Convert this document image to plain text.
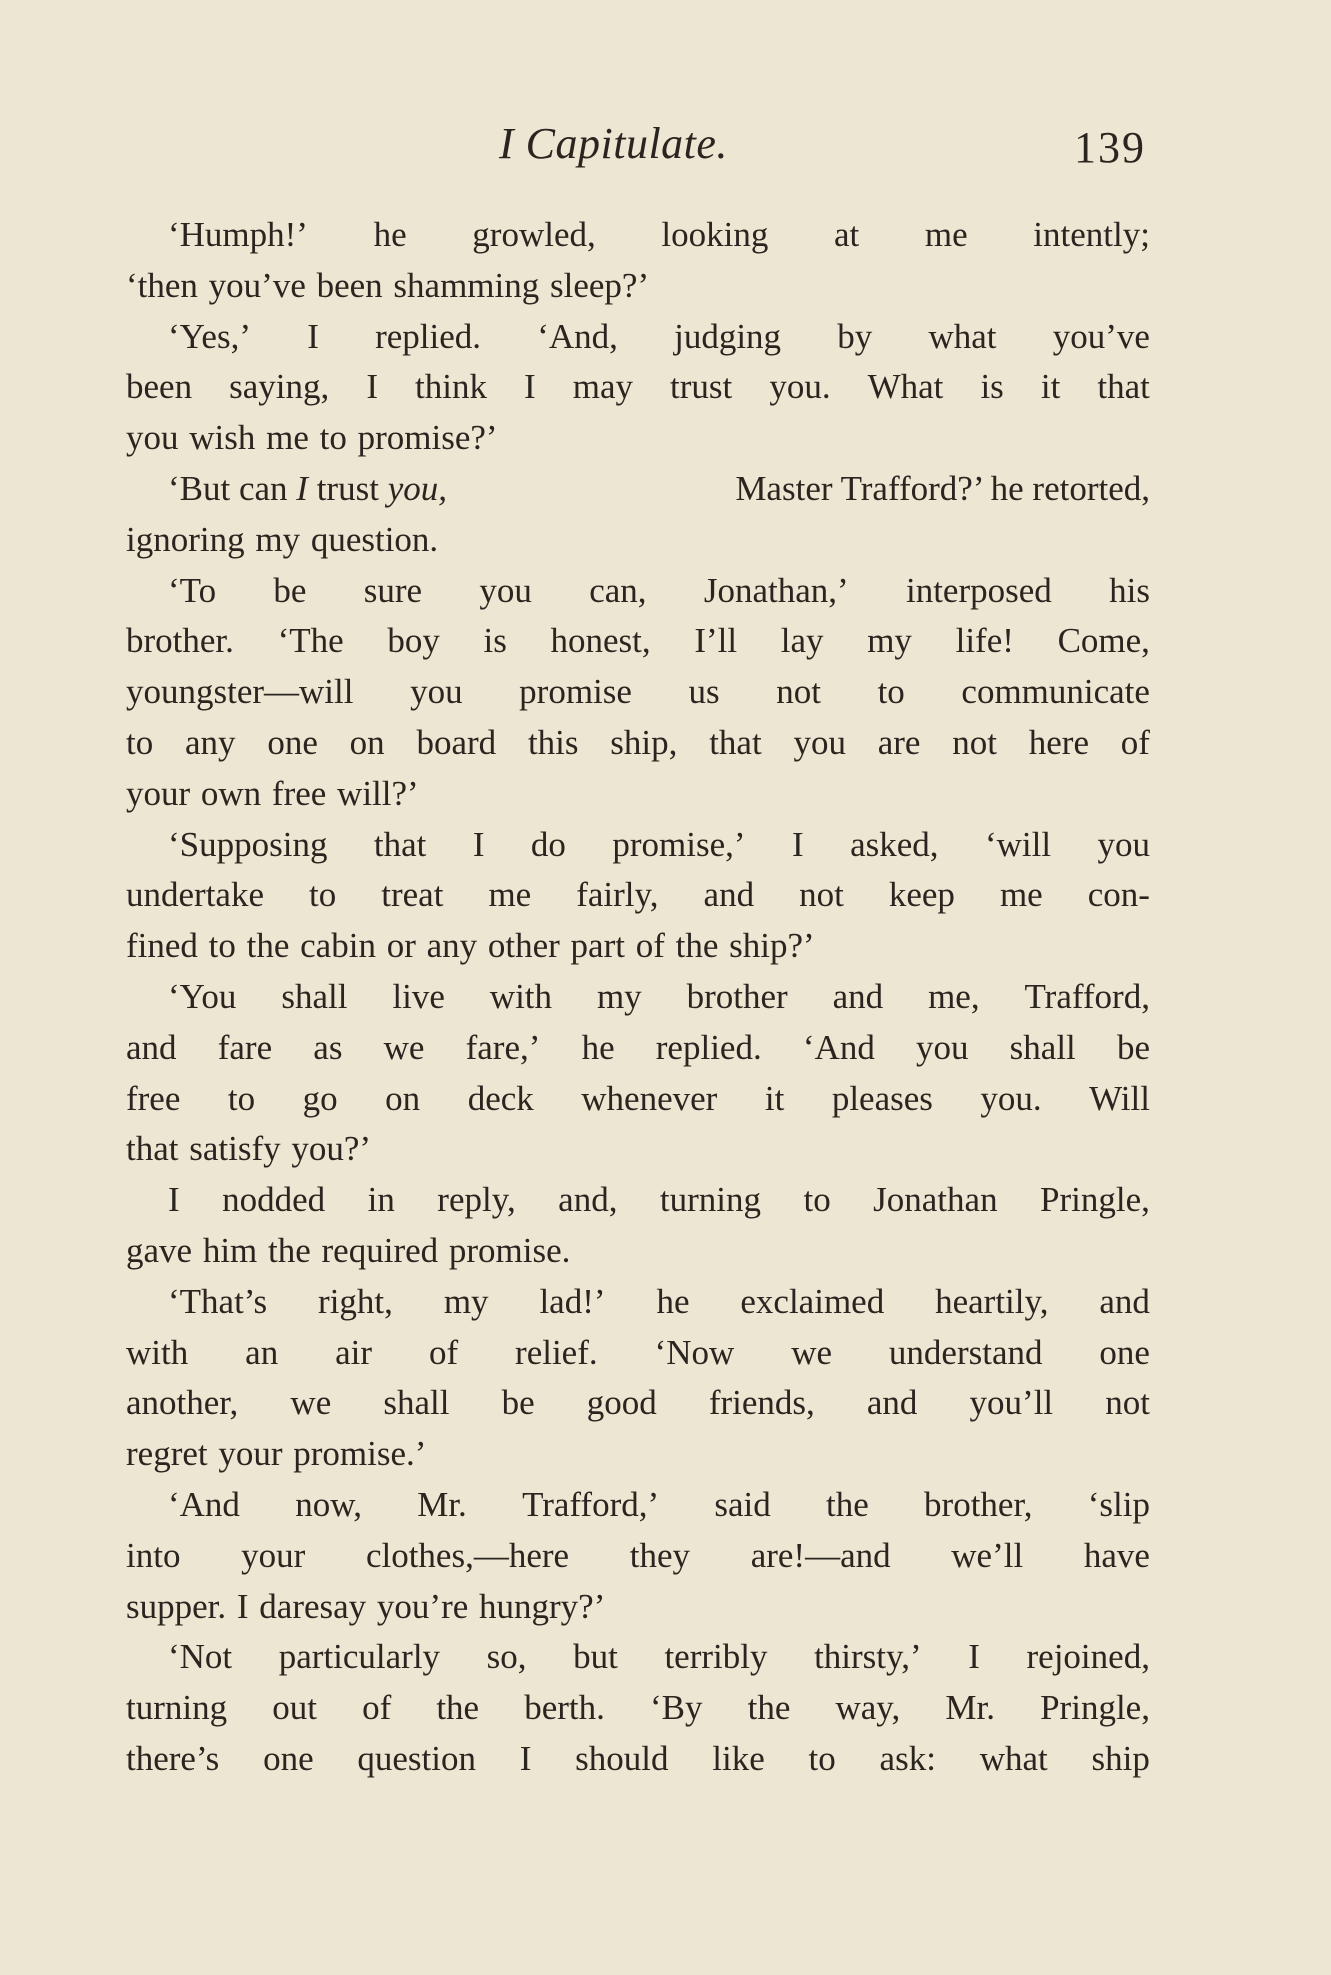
I Capitulate.	139
‘Humph!’ he growled, looking at me intently;
‘then you’ve been shamming sleep?’
‘Yes,’ I replied. ‘And, judging by what you’ve
been saying, I think I may trust you. What is it that
you wish me to promise?’
‘But can I trust you,	Master Trafford?’ he retorted,
ignoring my question.
‘To be sure you can, Jonathan,’ interposed his
brother. ‘The boy is honest, I’ll lay my life! Come,
youngster—will you promise us not to communicate
to any one on board this ship, that you are not here of
your own free will?’
‘Supposing that I do promise,’ I asked, ‘will you
undertake to treat me fairly, and not keep me con-
fined to the cabin or any other part of the ship?’
‘You shall live with my brother and me, Trafford,
and fare as we fare,’ he replied. ‘And you shall be
free to go on deck whenever it pleases you. Will
that satisfy you?’
I nodded in reply, and, turning to Jonathan Pringle,
gave him the required promise.
‘That’s right, my lad!’ he exclaimed heartily, and
with an air of relief. ‘Now we understand one
another, we shall be good friends, and you’ll not
regret your promise.’
‘And now, Mr. Trafford,’ said the brother, ‘slip
into your clothes,—here they are!—and we’ll have
supper. I daresay you’re hungry?’
‘Not particularly so, but terribly thirsty,’ I rejoined,
turning out of the berth. ‘By the way, Mr. Pringle,
there’s one question I should like to ask: what ship
